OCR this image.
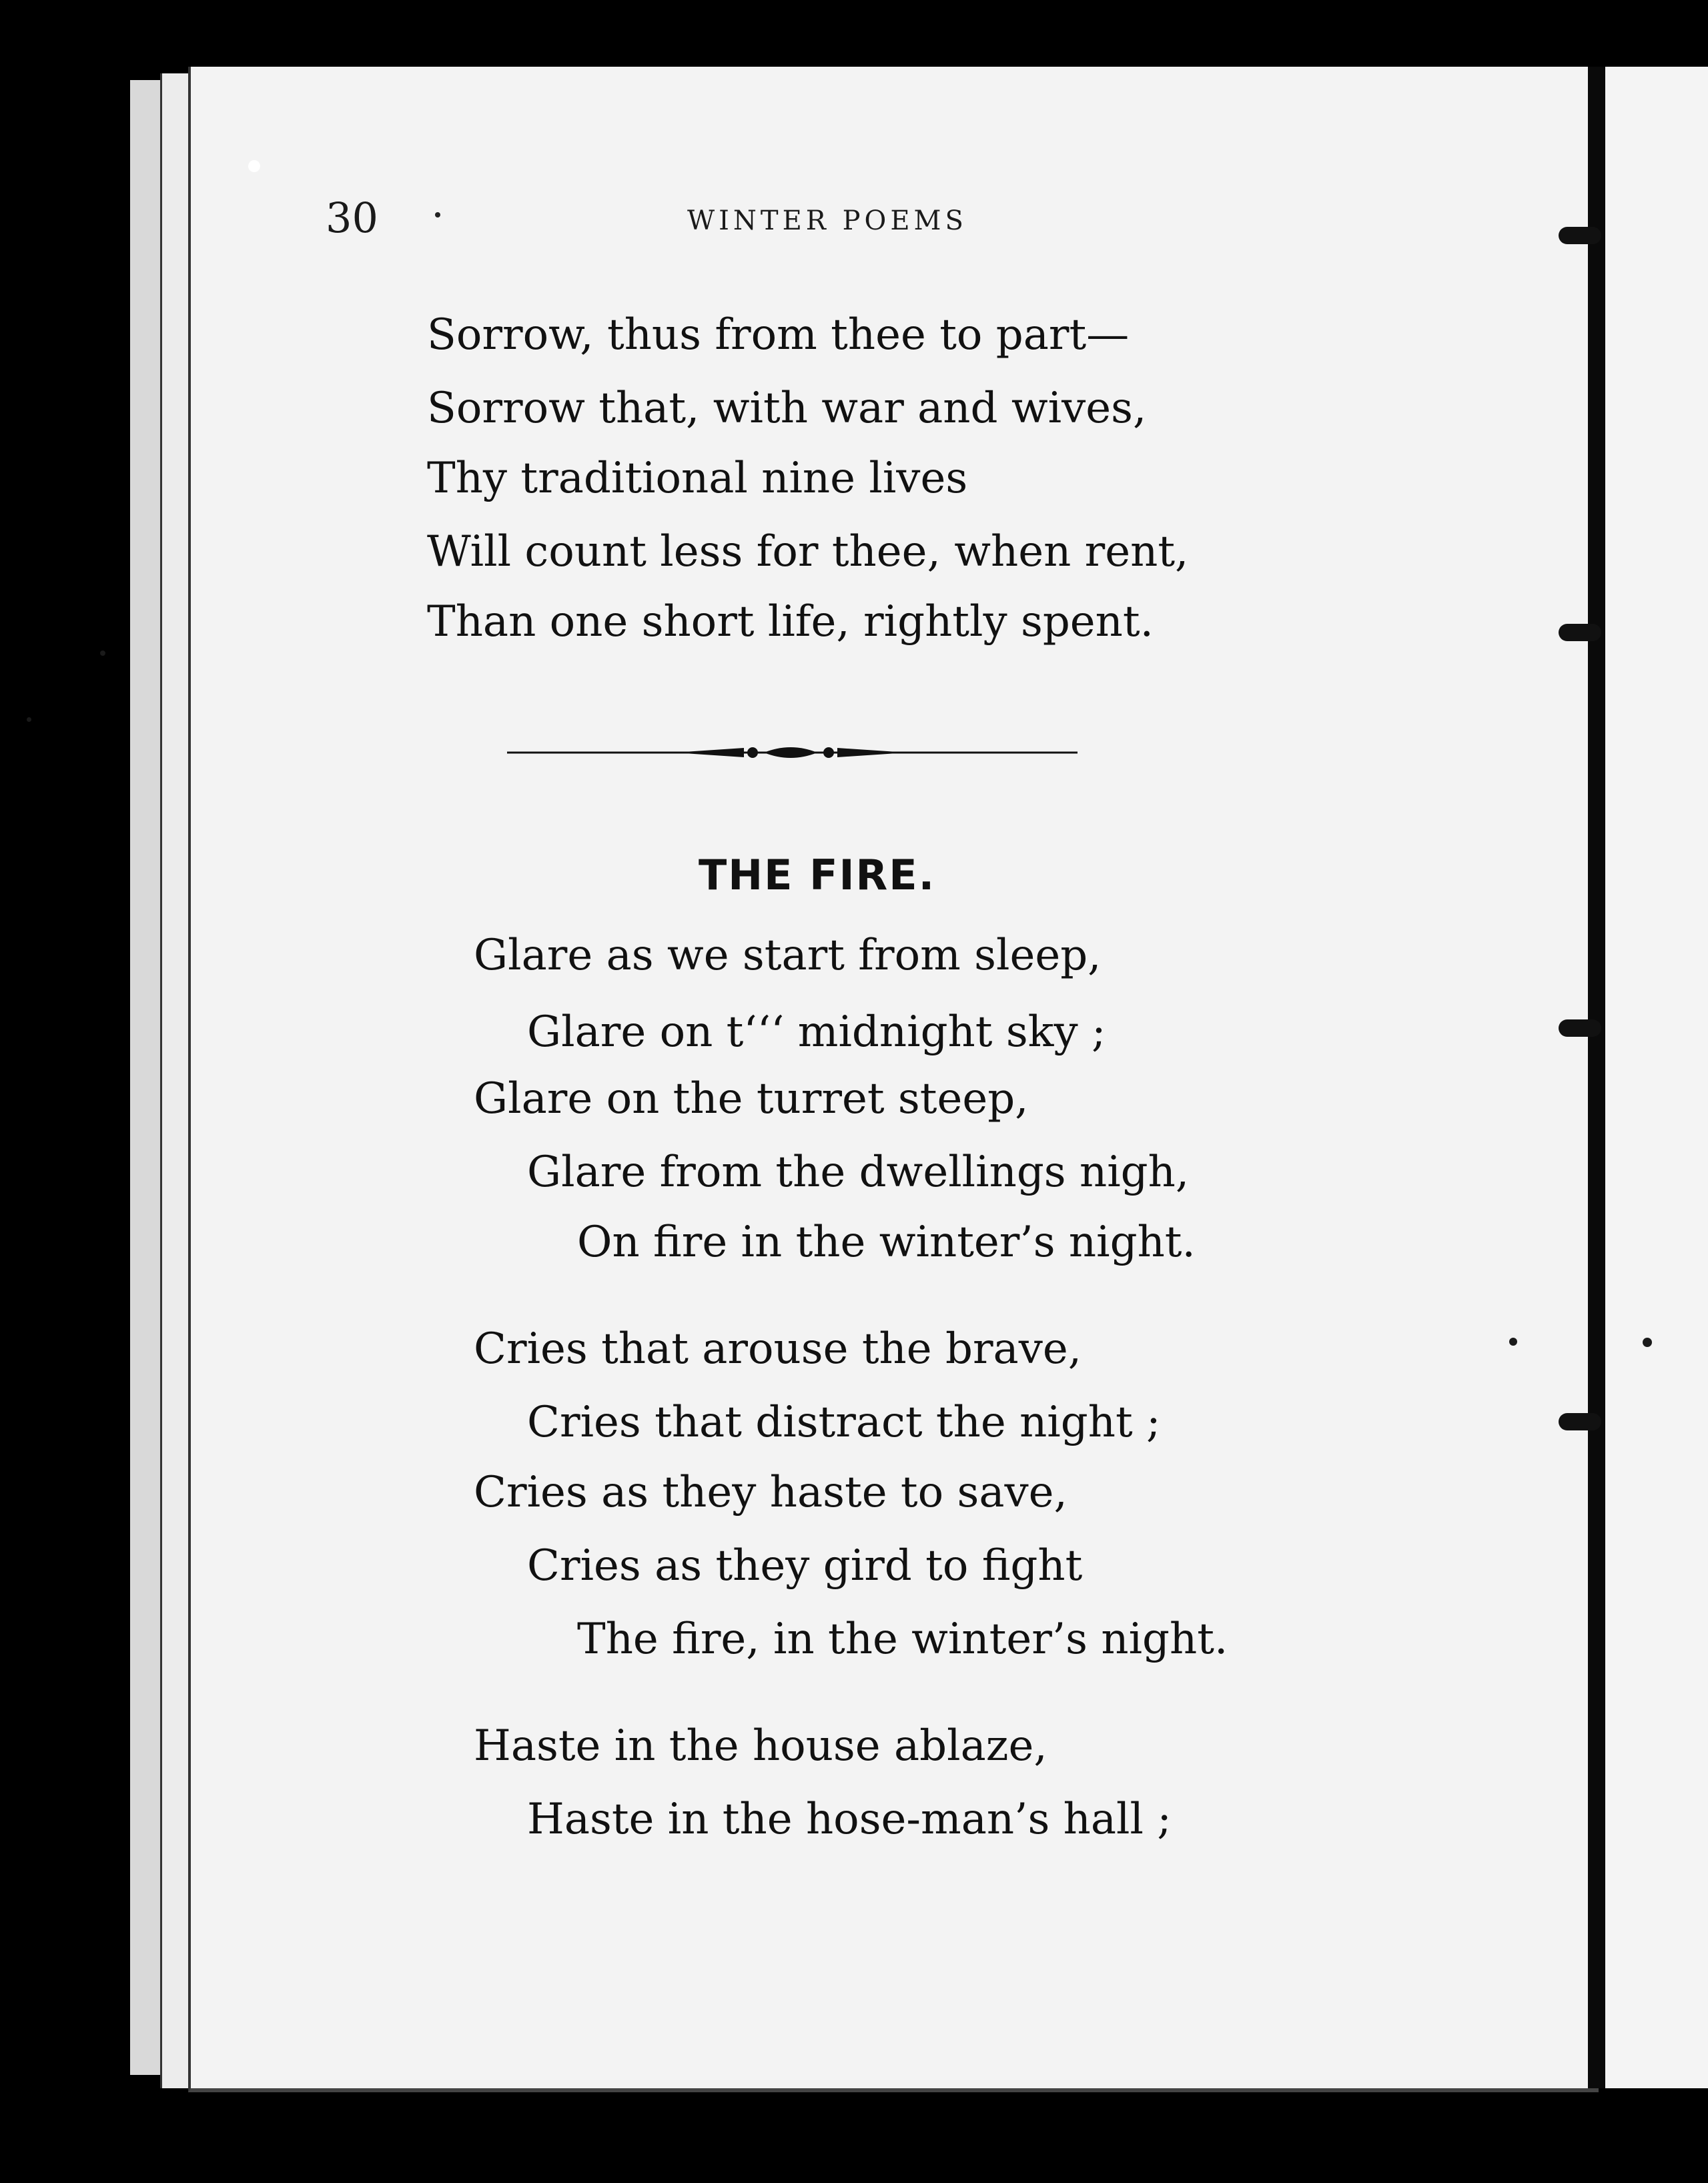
30	WINTER POEMS
Sorrow, thus from thee to part—
Sorrow that, with war and wives,
Thy traditional nine lives
Will count less for thee, when rent,
Than one short life, rightly spent.
THE FIRE.
Glare as we start from sleep,
Glare on t‘‘‘ midnight sky ;
Glare on the turret steep,
Glare from the dwellings nigh,
On fire in the winter’s night.
Cries that arouse the brave,
Cries that distract the night ;
Cries as they haste to save,
Cries as they gird to fight
The fire, in the winter’s night.
Haste in the house ablaze,
Haste in the hose-man’s hall ;
